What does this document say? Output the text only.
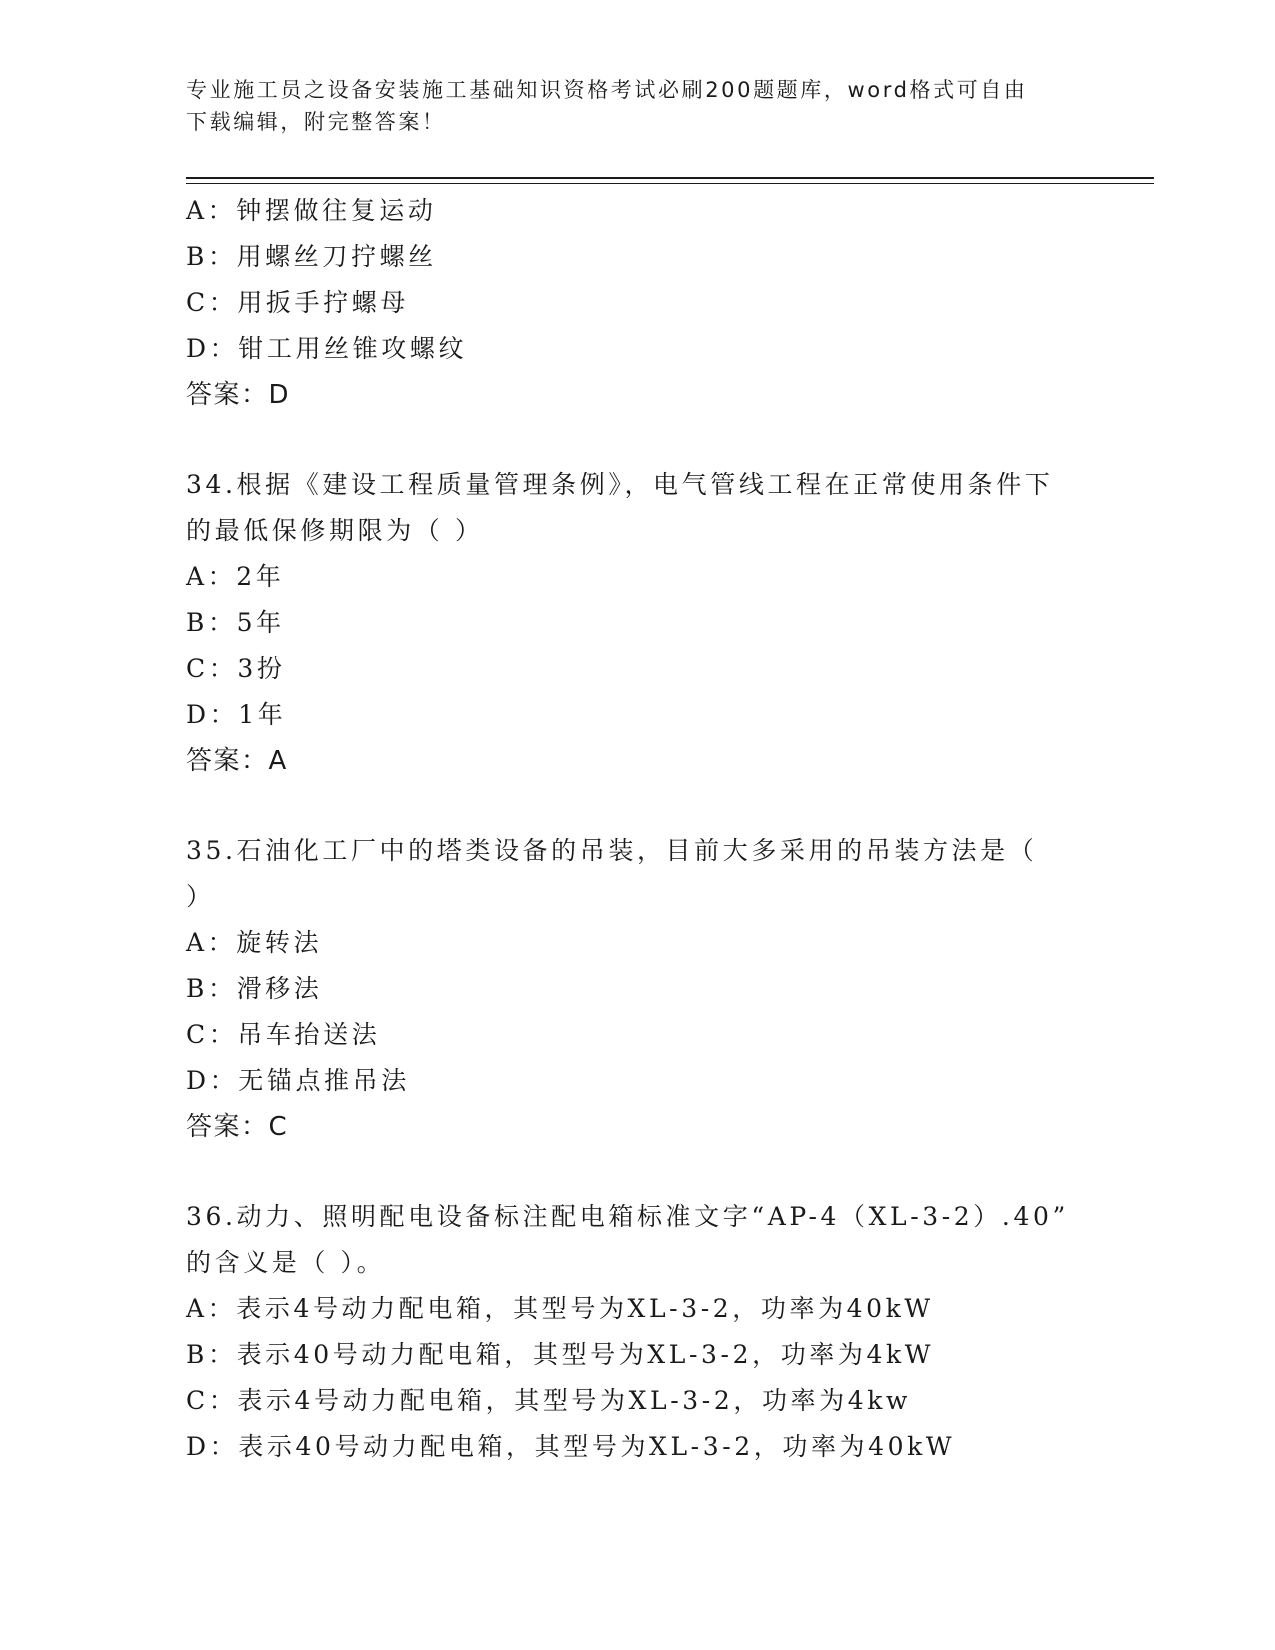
专业施工员之设备安装施工基础知识资格考试必刷200题题库，word格式可自由
下载编辑，附完整答案！
A：钟摆做往复运动
B：用螺丝刀拧螺丝
C：用扳手拧螺母
D：钳工用丝锥攻螺纹
答案：D
34.根据《建设工程质量管理条例》，电气管线工程在正常使用条件下
的最低保修期限为（ ）
A：2年
B：5年
C：3扮
D：1年
答案：A
35.石油化工厂中的塔类设备的吊装，目前大多采用的吊装方法是（
）
A：旋转法
B：滑移法
C：吊车抬送法
D：无锚点推吊法
答案：C
36.动力、照明配电设备标注配电箱标准文字“AP-4（XL-3-2）.40”
的含义是（ ）。
A：表示4号动力配电箱，其型号为XL-3-2，功率为40kW
B：表示40号动力配电箱，其型号为XL-3-2，功率为4kW
C：表示4号动力配电箱，其型号为XL-3-2，功率为4kw
D：表示40号动力配电箱，其型号为XL-3-2，功率为40kW
